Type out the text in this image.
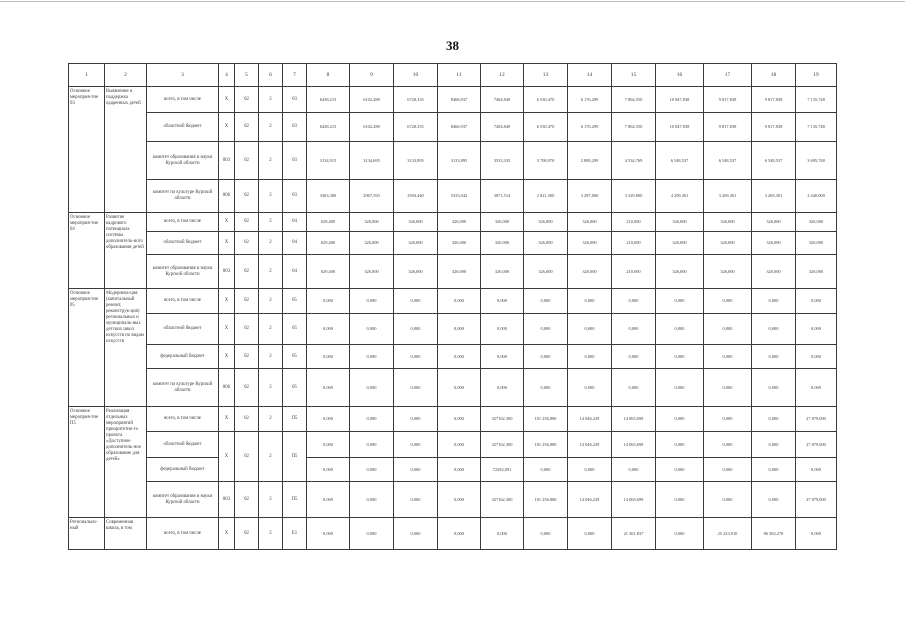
38
1	2	3	4	5	6	7	8	9	10	11	12	13	14	15	16	17	18	19
Основное мероприя-тие 03	Выявление и поддержка одаренных детей	всего, в том числе	X	02	2	03	6438,215	6102,288	6728,335	8466,937	7404,849	6 530,470	6 176,299	7 864,550	10 847,838	9 817,838	9 817,838	7 135,748
		областной бюджет	X	02	2	03	6438,215	6102,288	6728,335	8466,937	7404,849	6 530,470	6 176,299	7 864,550	10 847,838	9 817,838	9 817,838	7 135,748
		комитет образования и науки Курской области	803	02	2	03	3134,915	3134,695	3133,895	3133,895	3533,335	3 708,970	2 889,299	4 534,769	6 548,537	6 548,537	6 548,537	3 695,748
		комитет по культуре Курской области	806	02	2	03	3303,300	2967,593	3594,440	5333,042	3871,514	2 821,500	3 287,000	3 329,800	4 299,301	3 269,301	3 269,301	3 440,000
Основное мероприя-тие 04	Развитие кадрового потенциала системы дополнитель-ного образования детей	всего, в том числе	X	02	2	04	629,400	326,000	326,000	326,000	326,000	326,000	326,000	210,000	326,000	326,000	326,000	326,000
		областной бюджет	X	02	2	04	629,400	326,000	326,000	326,000	326,000	326,000	326,000	210,000	326,000	326,000	326,000	326,000
		комитет образования и науки Курской области	803	02	2	04	629,400	326,000	326,000	326,000	326,000	326,000	326,000	210,000	326,000	326,000	326,000	326,000
Основное мероприя-тие 05	Модерниза-ция (капитальный ремонт, реконструк-ция) региональных и муниципаль-ных детских школ искусств по видам искусств	всего, в том числе	X	02	2	05	0,000	0,000	0,000	0,000	0,000	0,000	0,000	0,000	0,000	0,000	0,000	0,000
		областной бюджет	X	02	2	05	0,000	0,000	0,000	0,000	0,000	0,000	0,000	0,000	0,000	0,000	0,000	0,000
		федеральный бюджет	X	02	2	05	0,000	0,000	0,000	0,000	0,000	0,000	0,000	0,000	0,000	0,000	0,000	0,000
		комитет по культуре Курской области	806	02	2	05	0,000	0,000	0,000	0,000	0,000	0,000	0,000	0,000	0,000	0,000	0,000	0,000
Основное мероприя-тие П5	Реализация отдельных мероприятий приоритетно-го проекта «Доступное дополнитель-ное образование для детей»	всего, в том числе	X	02	2	П5	0,000	0,000	0,000	0,000	327162,300	101 256,880	14 046,229	14 065,699	0,000	0,000	0,000	27 879,000
		областной бюджет	X	02	2	П5	0,000	0,000	0,000	0,000	327162,300	101 256,880	14 046,229	14 065,699	0,000	0,000	0,000	27 879,000
		федеральный бюджет					0,000	0,000	0,000	0,000	72292,091	0,000	0,000	0,000	0,000	0,000	0,000	0,000
		комитет образования и науки Курской области	803	02	2	П5	0,000	0,000	0,000	0,000	327162,300	101 256,880	14 046,229	14 065,699	0,000	0,000	0,000	27 879,000
Регионально-ный	Современная школа, в том	всего, в том числе	X	02	2	Е1	0,000	0,000	0,000	0,000	0,000	0,000	0,000	21 361,837	0,000	25 223,910	86 302,278	0,000
